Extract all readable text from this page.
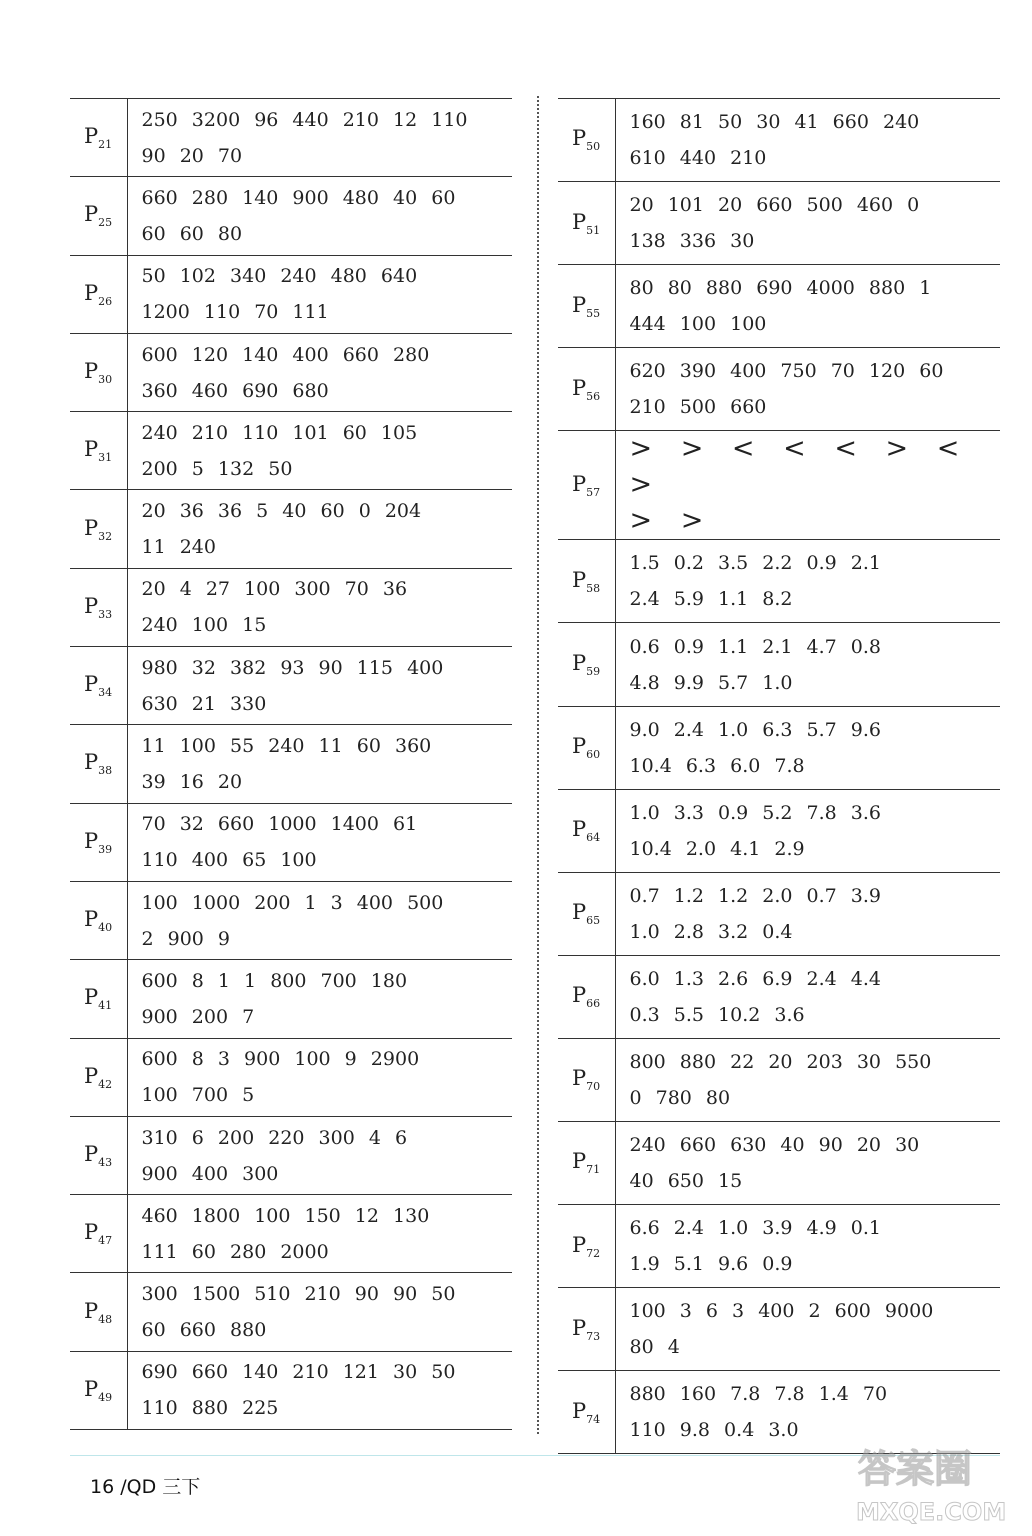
$P_{21}$	250 3200 96 440 210 12 110
90 20 70

$P_{25}$	660 280 140 900 480 40 60
60 60 80

$P_{26}$	50 102 340 240 480 640
1200 110 70 111

$P_{30}$	600 120 140 400 660 280
360 460 690 680

$P_{31}$	240 210 110 101 60 105
200 5 132 50

$P_{32}$	20 36 36 5 40 60 0 204
11 240

$P_{33}$	20 4 27 100 300 70 36
240 100 15

$P_{34}$	980 32 382 93 90 115 400
630 21 330

$P_{38}$	11 100 55 240 11 60 360
39 16 20

$P_{39}$	70 32 660 1000 1400 61
110 400 65 100

$P_{40}$	100 1000 200 1 3 400 500
2 900 9

$P_{41}$	600 8 1 1 800 700 180
900 200 7

$P_{42}$	600 8 3 900 100 9 2900
100 700 5

$P_{43}$	310 6 200 220 300 4 6
900 400 300

$P_{47}$	460 1800 100 150 12 130
111 60 280 2000

$P_{48}$	300 1500 510 210 90 90 50
60 660 880

$P_{49}$	690 660 140 210 121 30 50
110 880 225
$P_{50}$	160 81 50 30 41 660 240
610 440 210

$P_{51}$	20 101 20 660 500 460 0
138 336 30

$P_{55}$	80 80 880 690 4000 880 1
444 100 100

$P_{56}$	620 390 400 750 70 120 60
210 500 660

$P_{57}$	> > < < < > < >
> >

$P_{58}$	1.5 0.2 3.5 2.2 0.9 2.1
2.4 5.9 1.1 8.2

$P_{59}$	0.6 0.9 1.1 2.1 4.7 0.8
4.8 9.9 5.7 1.0

$P_{60}$	9.0 2.4 1.0 6.3 5.7 9.6
10.4 6.3 6.0 7.8

$P_{64}$	1.0 3.3 0.9 5.2 7.8 3.6
10.4 2.0 4.1 2.9

$P_{65}$	0.7 1.2 1.2 2.0 0.7 3.9
1.0 2.8 3.2 0.4

$P_{66}$	6.0 1.3 2.6 6.9 2.4 4.4
0.3 5.5 10.2 3.6

$P_{70}$	800 880 22 20 203 30 550
0 780 80

$P_{71}$	240 660 630 40 90 20 30
40 650 15

$P_{72}$	6.6 2.4 1.0 3.9 4.9 0.1
1.9 5.1 9.6 0.9

$P_{73}$	100 3 6 3 400 2 600 9000
80 4

$P_{74}$	880 160 7.8 7.8 1.4 70
110 9.8 0.4 3.0
16 /QD 三下	答案圈
MXQE.COM
